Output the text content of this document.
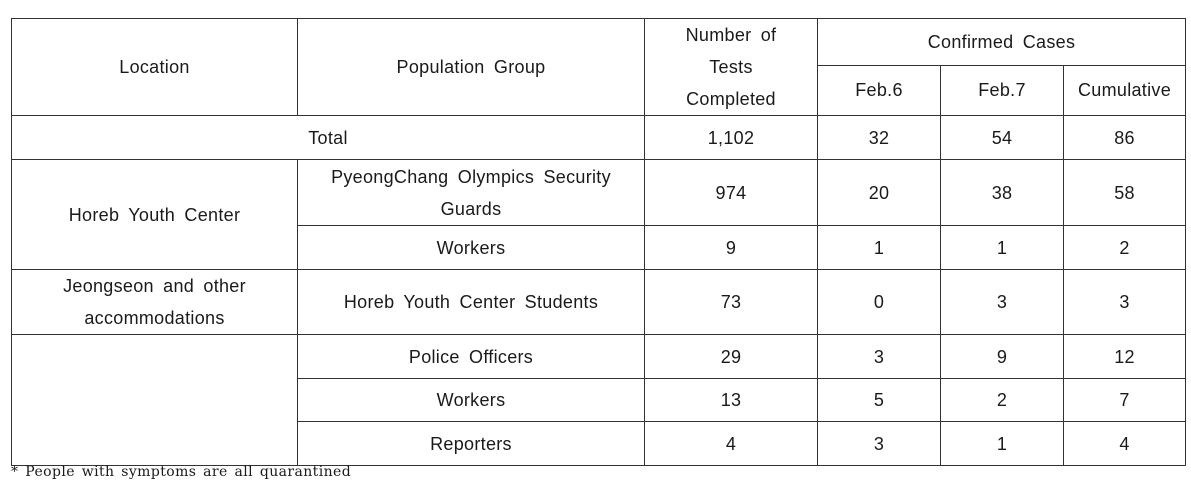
Location	Population Group	Number of Tests Completed	Confirmed Cases		
			Feb.6	Feb.7	Cumulative
Total		1,102	32	54	86
Horeb Youth Center	PyeongChang Olympics Security Guards	974	20	38	58
	Workers	9	1	1	2
Jeongseon and other accommodations	Horeb Youth Center Students	73	0	3	3
	Police Officers	29	3	9	12
	Workers	13	5	2	7
	Reporters	4	3	1	4
* People with symptoms are all quarantined
